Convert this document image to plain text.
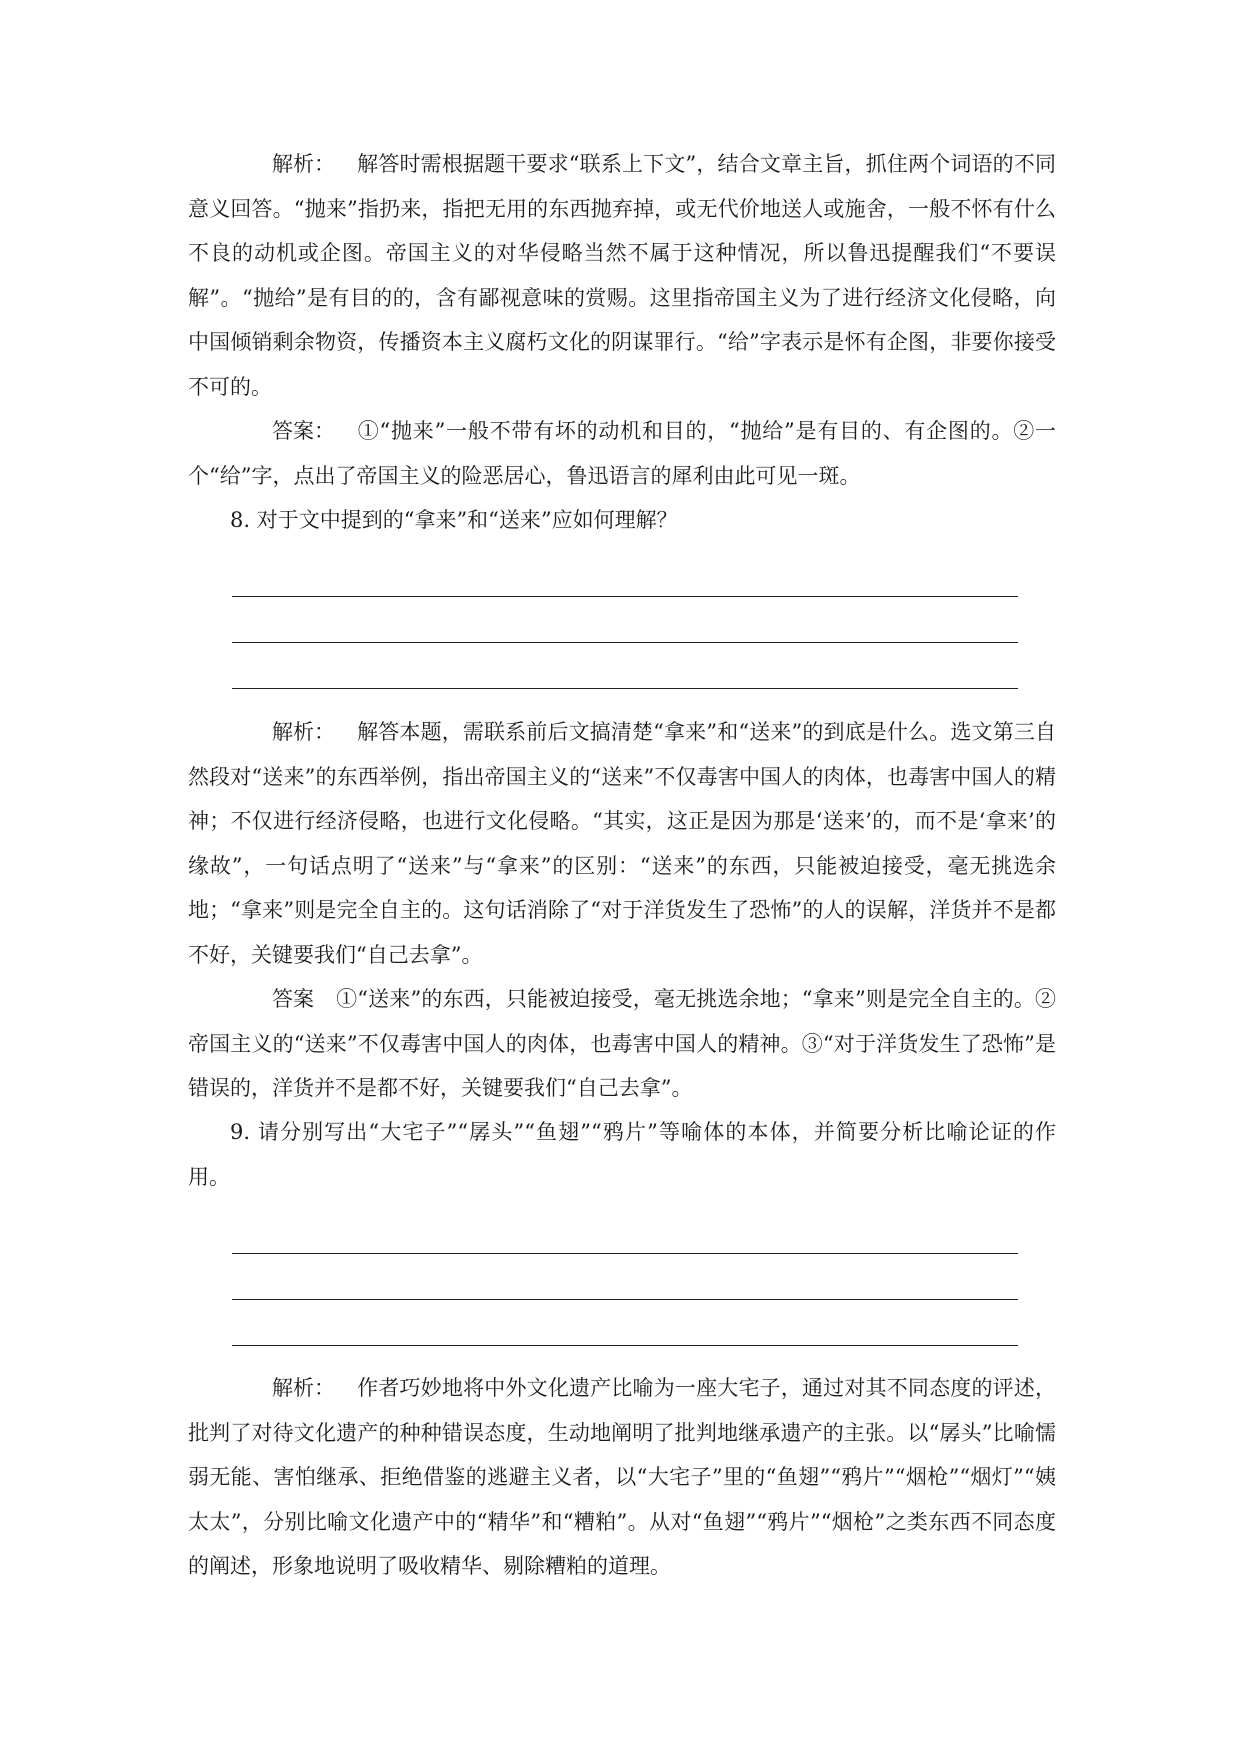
解析： 解答时需根据题干要求“联系上下文”，结合文章主旨，抓住两个词语的不同意义回答。“抛来”指扔来，指把无用的东西抛弃掉，或无代价地送人或施舍，一般不怀有什么不良的动机或企图。帝国主义的对华侵略当然不属于这种情况，所以鲁迅提醒我们“不要误解”。“抛给”是有目的的，含有鄙视意味的赏赐。这里指帝国主义为了进行经济文化侵略，向中国倾销剩余物资，传播资本主义腐朽文化的阴谋罪行。“给”字表示是怀有企图，非要你接受不可的。

答案： ①“抛来”一般不带有坏的动机和目的，“抛给”是有目的、有企图的。②一个“给”字，点出了帝国主义的险恶居心，鲁迅语言的犀利由此可见一斑。

8. 对于文中提到的“拿来”和“送来”应如何理解？

解析： 解答本题，需联系前后文搞清楚“拿来”和“送来”的到底是什么。选文第三自然段对“送来”的东西举例，指出帝国主义的“送来”不仅毒害中国人的肉体，也毒害中国人的精神；不仅进行经济侵略，也进行文化侵略。“其实，这正是因为那是‘送来’的，而不是‘拿来’的缘故”，一句话点明了“送来”与“拿来”的区别：“送来”的东西，只能被迫接受，毫无挑选余地；“拿来”则是完全自主的。这句话消除了“对于洋货发生了恐怖”的人的误解，洋货并不是都不好，关键要我们“自己去拿”。

答案 ①“送来”的东西，只能被迫接受，毫无挑选余地；“拿来”则是完全自主的。②帝国主义的“送来”不仅毒害中国人的肉体，也毒害中国人的精神。③“对于洋货发生了恐怖”是错误的，洋货并不是都不好，关键要我们“自己去拿”。

9. 请分别写出“大宅子”“孱头”“鱼翅”“鸦片”等喻体的本体，并简要分析比喻论证的作用。

解析： 作者巧妙地将中外文化遗产比喻为一座大宅子，通过对其不同态度的评述，批判了对待文化遗产的种种错误态度，生动地阐明了批判地继承遗产的主张。以“孱头”比喻懦弱无能、害怕继承、拒绝借鉴的逃避主义者，以“大宅子”里的“鱼翅”“鸦片”“烟枪”“烟灯”“姨太太”，分别比喻文化遗产中的“精华”和“糟粕”。从对“鱼翅”“鸦片”“烟枪”之类东西不同态度的阐述，形象地说明了吸收精华、剔除糟粕的道理。
